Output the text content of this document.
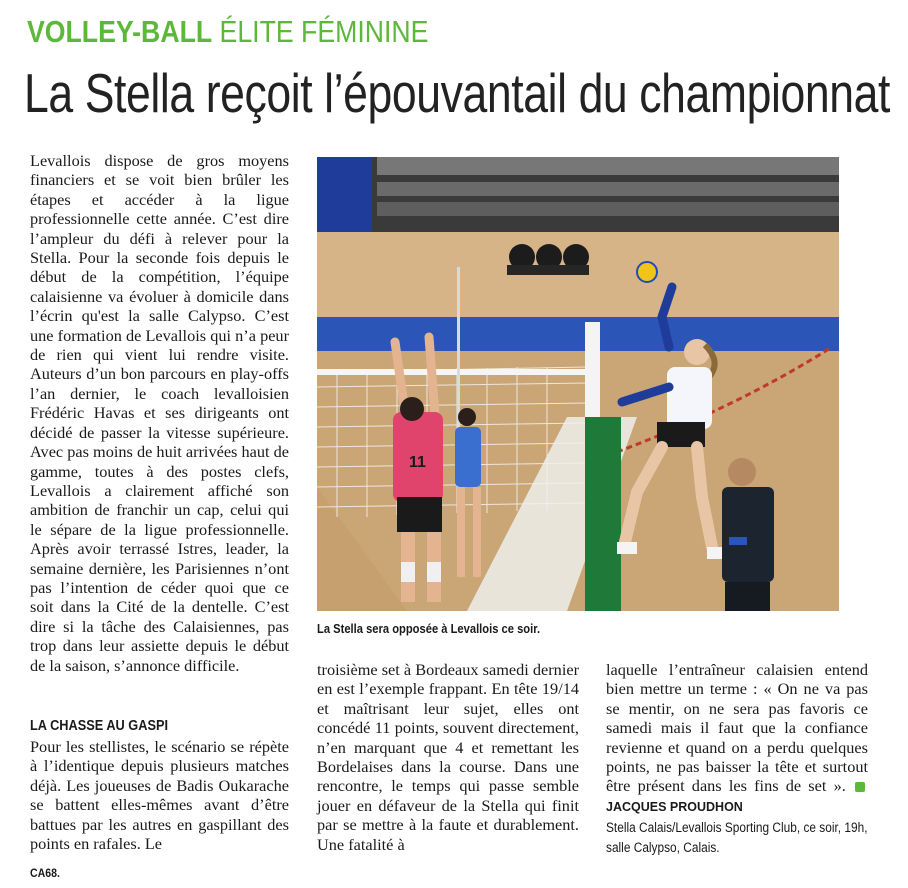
VOLLEY-BALL ÉLITE FÉMININE
La Stella reçoit l’épouvantail du championnat

Levallois dispose de gros moyens financiers et se voit bien brûler les étapes et accéder à la ligue professionnelle cette année. C’est dire l’ampleur du défi à relever pour la Stella. Pour la seconde fois depuis le début de la compétition, l’équipe calaisienne va évoluer à domicile dans l’écrin qu'est la salle Calypso. C’est une formation de Levallois qui n’a peur de rien qui vient lui rendre visite. Auteurs d’un bon parcours en play-offs l’an dernier, le coach levalloisien Frédéric Havas et ses dirigeants ont décidé de passer la vitesse supérieure. Avec pas moins de huit arrivées haut de gamme, toutes à des postes clefs, Levallois a clairement affiché son ambition de franchir un cap, celui qui le sépare de la ligue professionnelle. Après avoir terrassé Istres, leader, la semaine dernière, les Parisiennes n’ont pas l’intention de céder quoi que ce soit dans la Cité de la dentelle. C’est dire si la tâche des Calaisiennes, pas trop dans leur assiette depuis le début de la saison, s’annonce difficile.

LA CHASSE AU GASPI

Pour les stellistes, le scénario se répète à l’identique depuis plusieurs matches déjà. Les joueuses de Badis Oukarache se battent elles-mêmes avant d’être battues par les autres en gaspillant des points en rafales. Le

11
La Stella sera opposée à Levallois ce soir.

troisième set à Bordeaux samedi dernier en est l’exemple frappant. En tête 19/14 et maîtrisant leur sujet, elles ont concédé 11 points, souvent directement, n’en marquant que 4 et remettant les Bordelaises dans la course. Dans une rencontre, le temps qui passe semble jouer en défaveur de la Stella qui finit par se mettre à la faute et durablement. Une fatalité à

laquelle l’entraîneur calaisien entend bien mettre un terme : « On ne va pas se mentir, on ne sera pas favoris ce samedi mais il faut que la confiance revienne et quand on a perdu quelques points, ne pas baisser la tête et surtout être présent dans les fins de set ».  JACQUES PROUDHON

Stella Calais/Levallois Sporting Club, ce soir, 19h,
salle Calypso, Calais.
CA68.
